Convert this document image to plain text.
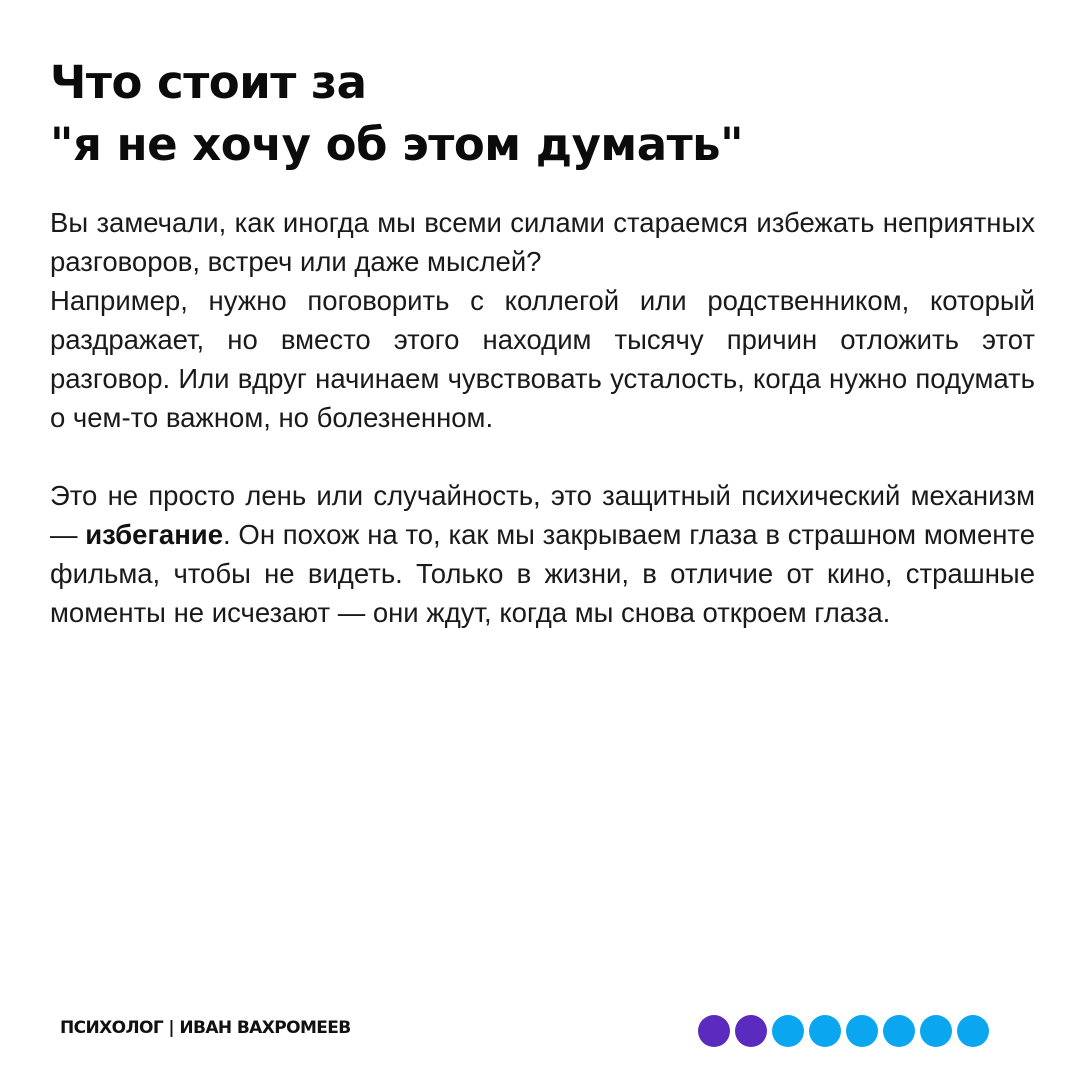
Что стоит за
"я не хочу об этом думать"

Вы замечали, как иногда мы всеми силами стараемся избежать неприятных разговоров, встреч или даже мыслей?

Например, нужно поговорить с коллегой или родственником, который раздражает, но вместо этого находим тысячу причин отложить этот разговор. Или вдруг начинаем чувствовать усталость, когда нужно подумать о чем-то важном, но болезненном.

Это не просто лень или случайность, это защитный психический механизм — избегание. Он похож на то, как мы закрываем глаза в страшном моменте фильма, чтобы не видеть. Только в жизни, в отличие от кино, страшные моменты не исчезают — они ждут, когда мы снова откроем глаза.

ПСИХОЛОГ | ИВАН ВАХРОМЕЕВ
